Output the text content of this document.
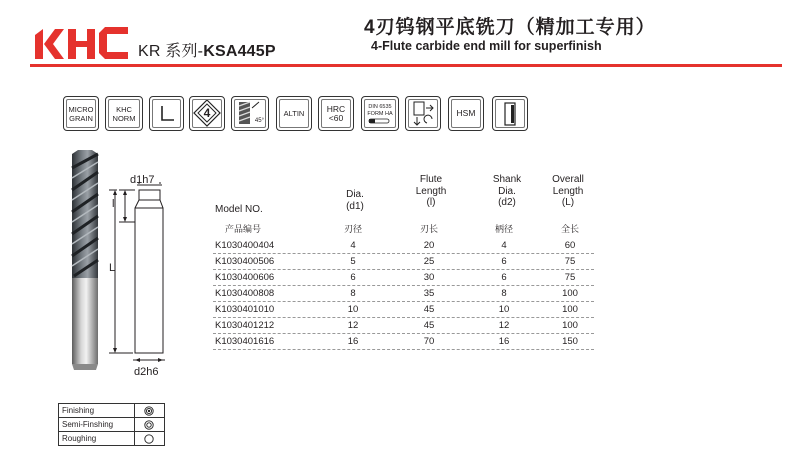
KR 系列-KSA445P
4刃钨钢平底铣刀（精加工专用）
4-Flute carbide end mill for superfinish
MICRO
GRAIN
KHC
NORM	4
45°
ALTIN	HRC
<60
DIN 6535
FORM HA	HSM
d1h7
l
L
d2h6
Model NO.
Dia.
(d1)
Flute
Length
(l)
Shank
Dia.
(d2)
Overall
Length
(L)
产品编号	刃径	刃长	柄径	全长
K1030400404	4	20	4	60
K1030400506	5	25	6	75
K1030400606	6	30	6	75
K1030400808	8	35	8	100
K1030401010	10	45	10	100
K1030401212	12	45	12	100
K1030401616	16	70	16	150
Finishing
Semi-Finshing
Roughing
